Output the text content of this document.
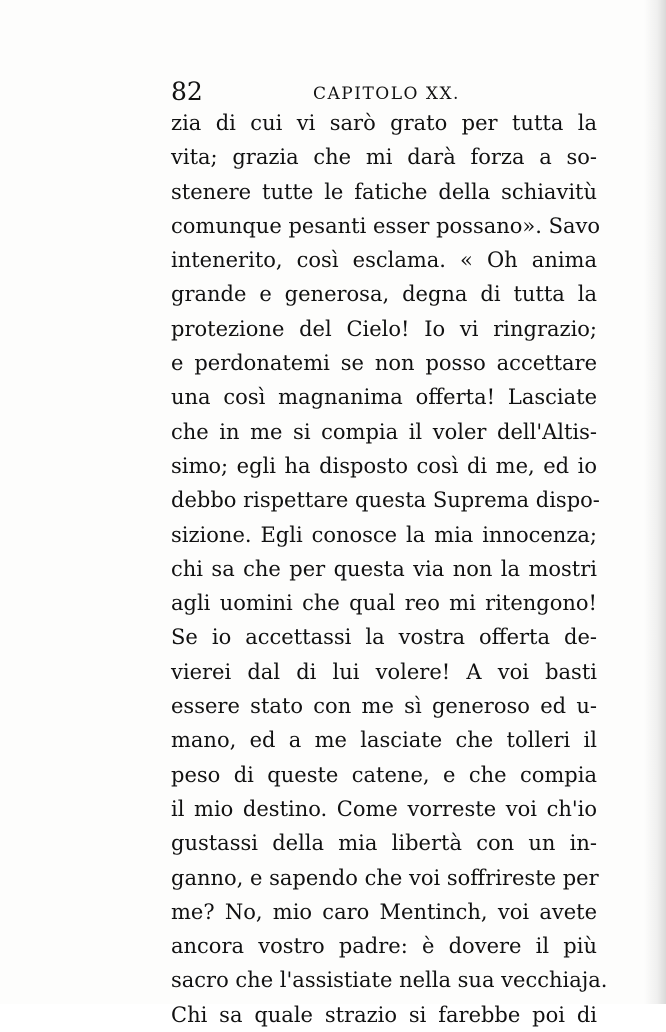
82	CAPITOLO XX.
zia di cui vi sarò grato per tutta la
vita; grazia che mi darà forza a so-
stenere tutte le fatiche della schiavitù
comunque pesanti esser possano». Savo
intenerito, così esclama. « Oh anima
grande e generosa, degna di tutta la
protezione del Cielo! Io vi ringrazio;
e perdonatemi se non posso accettare
una così magnanima offerta! Lasciate
che in me si compia il voler dell'Altis-
simo; egli ha disposto così di me, ed io
debbo rispettare questa Suprema dispo-
sizione. Egli conosce la mia innocenza;
chi sa che per questa via non la mostri
agli uomini che qual reo mi ritengono!
Se io accettassi la vostra offerta de-
vierei dal di lui volere! A voi basti
essere stato con me sì generoso ed u-
mano, ed a me lasciate che tolleri il
peso di queste catene, e che compia
il mio destino. Come vorreste voi ch'io
gustassi della mia libertà con un in-
ganno, e sapendo che voi soffrireste per
me? No, mio caro Mentinch, voi avete
ancora vostro padre: è dovere il più
sacro che l'assistiate nella sua vecchiaja.
Chi sa quale strazio si farebbe poi di
